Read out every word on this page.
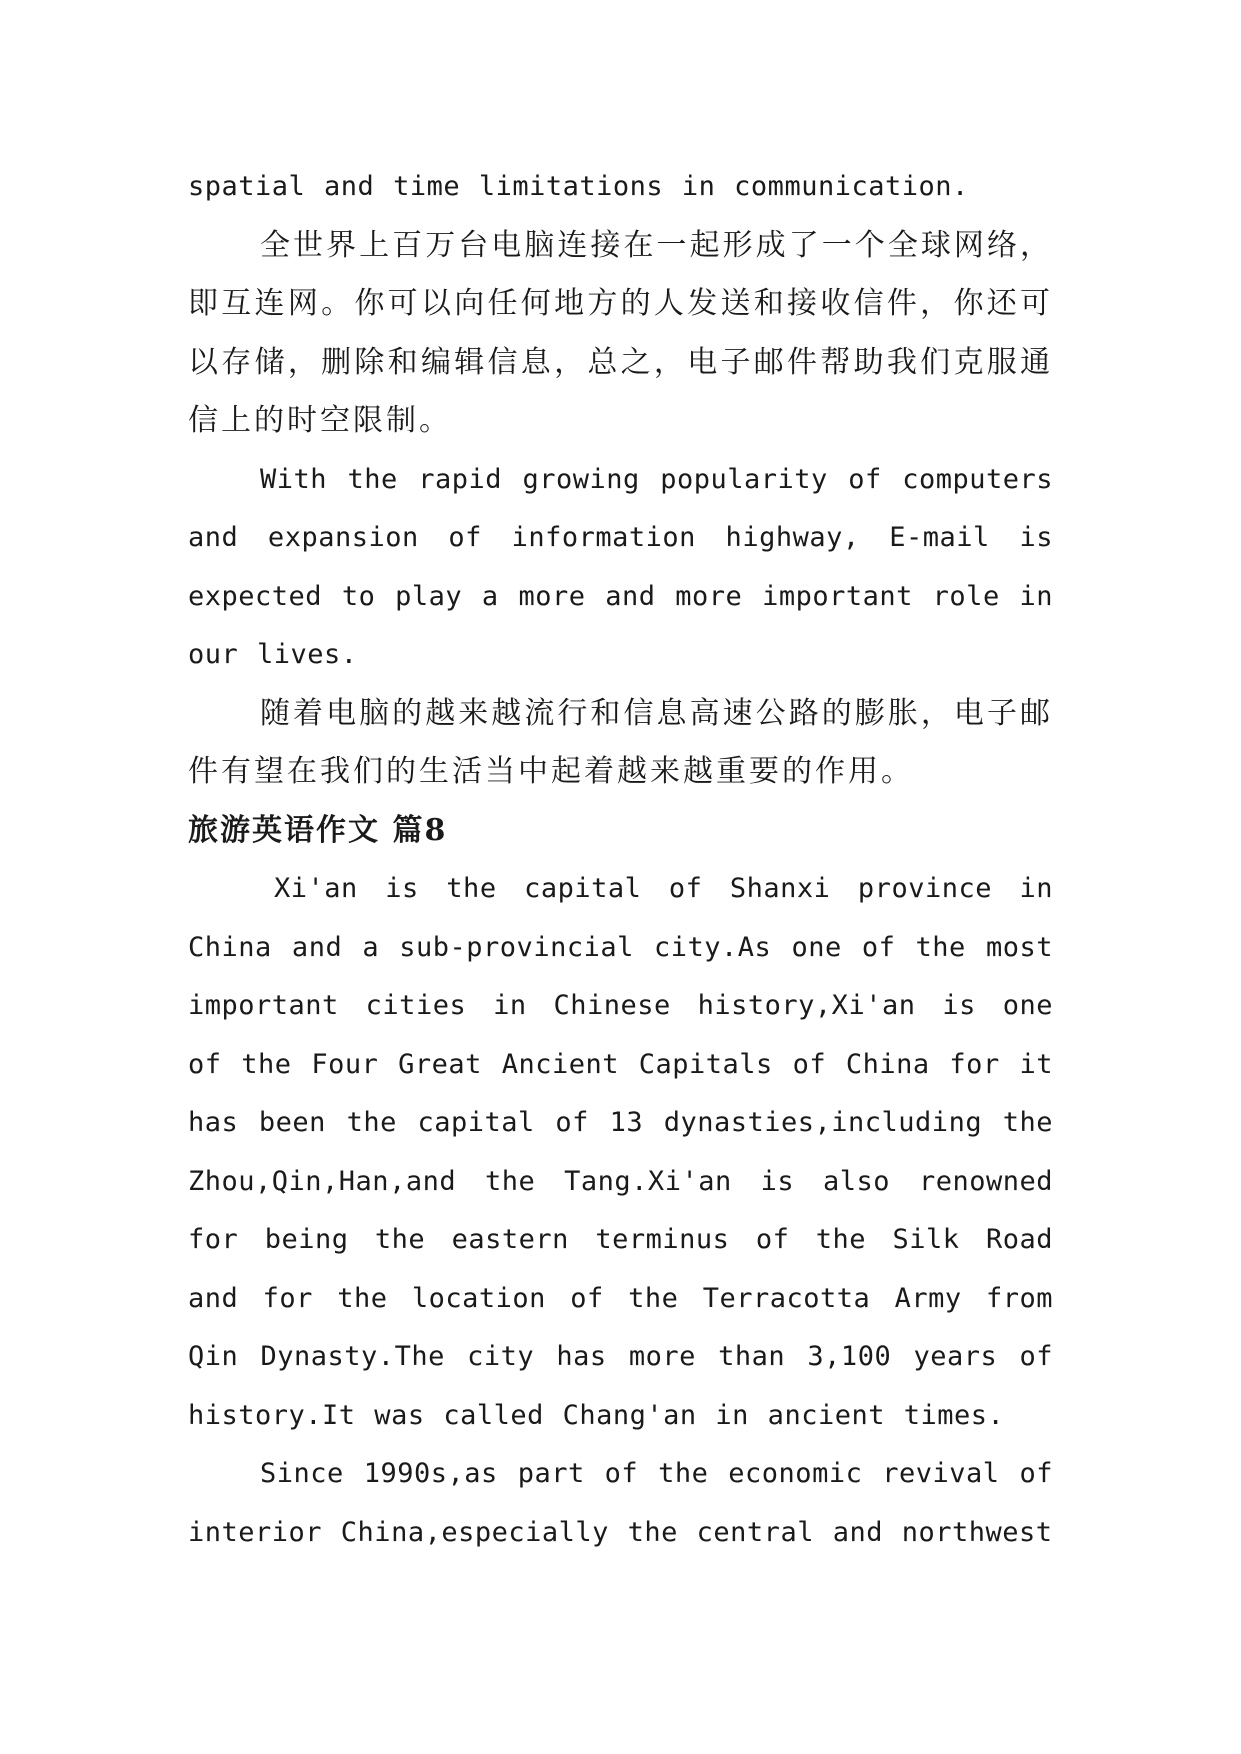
spatial and time limitations in communication.

全世界上百万台电脑连接在一起形成了一个全球网络，即互连网。你可以向任何地方的人发送和接收信件，你还可以存储，删除和编辑信息，总之，电子邮件帮助我们克服通信上的时空限制。

With the rapid growing popularity of computers and expansion of information highway, E-mail is expected to play a more and more important role in our lives.

随着电脑的越来越流行和信息高速公路的膨胀，电子邮件有望在我们的生活当中起着越来越重要的作用。

旅游英语作文 篇8

Xi'an is the capital of Shanxi province in China and a sub-provincial city.As one of the most important cities in Chinese history,Xi'an is one of the Four Great Ancient Capitals of China for it has been the capital of 13 dynasties,including the Zhou,Qin,Han,and the Tang.Xi'an is also renowned for being the eastern terminus of the Silk Road and for the location of the Terracotta Army from Qin Dynasty.The city has more than 3,100 years of history.It was called Chang'an in ancient times.

Since 1990s,as part of the economic revival of interior China,especially the central and northwest
